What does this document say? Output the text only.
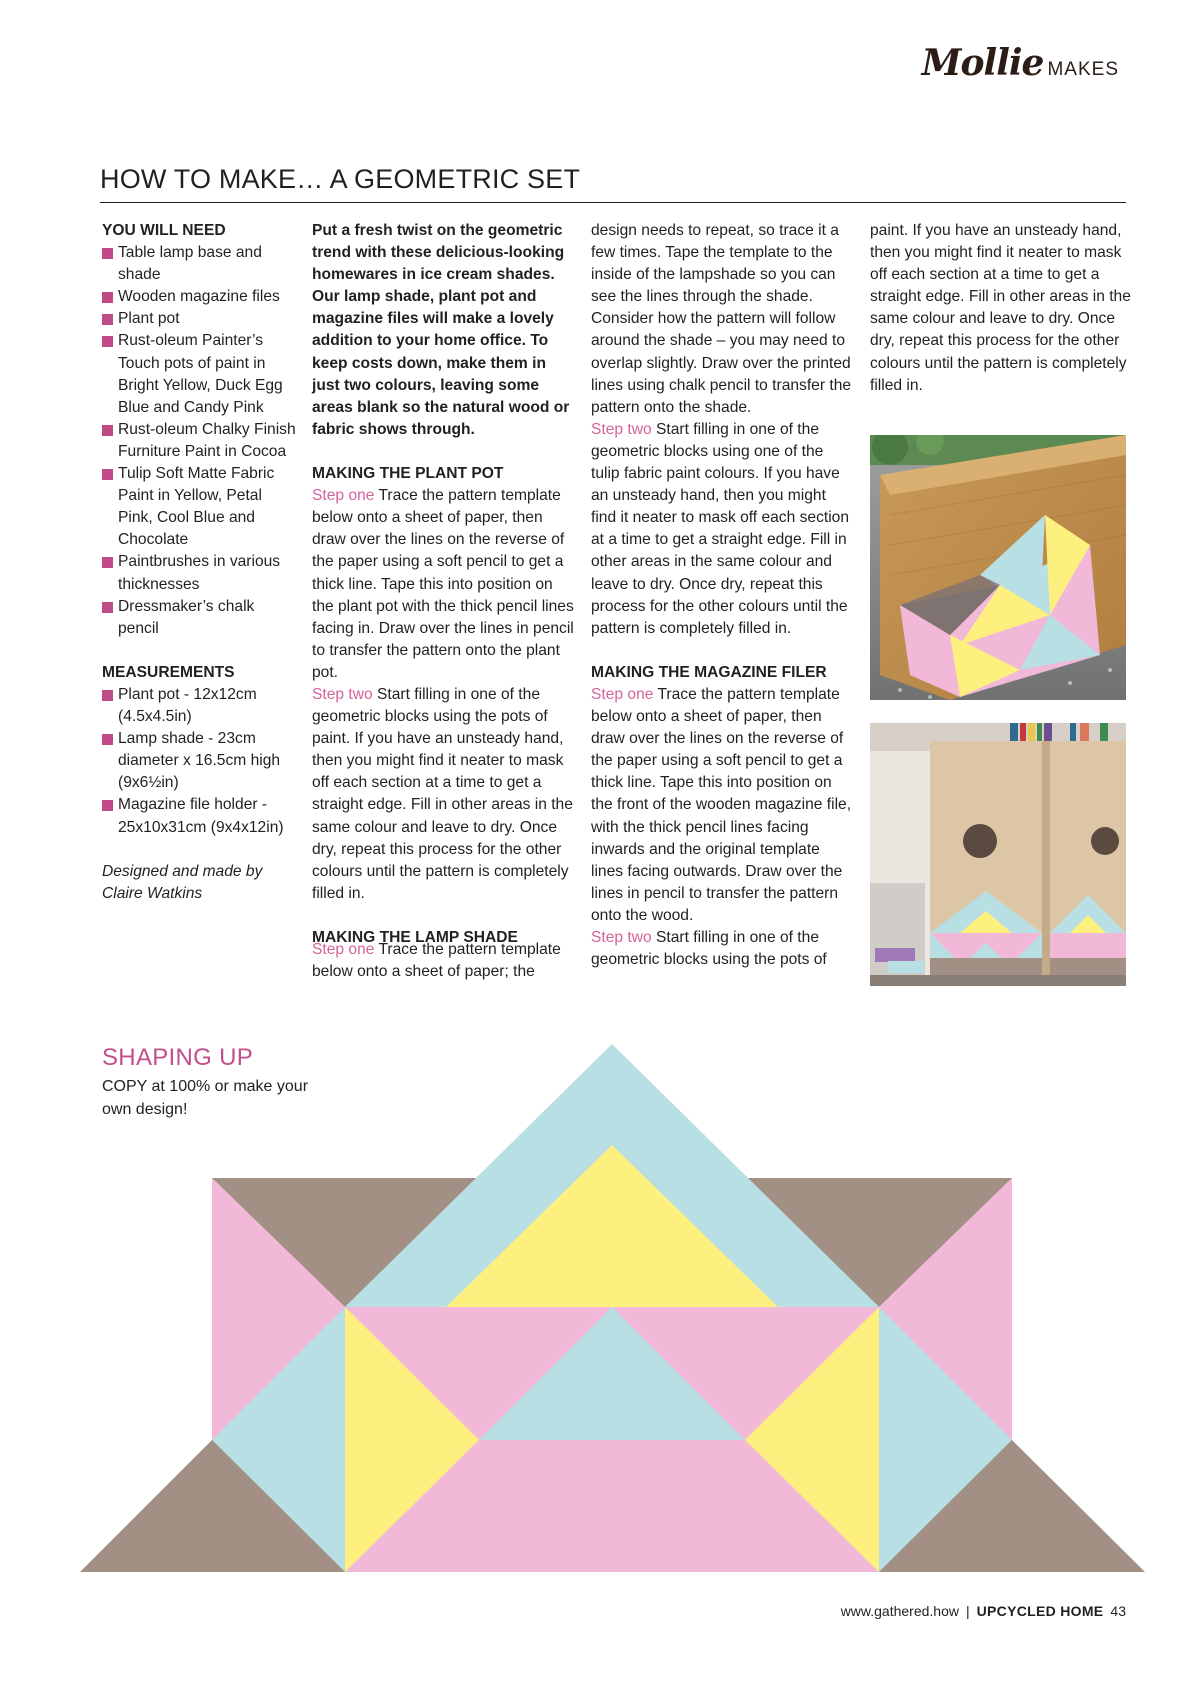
Mollie MAKES
HOW TO MAKE… A GEOMETRIC SET
YOU WILL NEED
Table lamp base and shade
Wooden magazine files
Plant pot
Rust-oleum Painter’s Touch pots of paint in Bright Yellow, Duck Egg Blue and Candy Pink
Rust-oleum Chalky Finish Furniture Paint in Cocoa
Tulip Soft Matte Fabric Paint in Yellow, Petal Pink, Cool Blue and Chocolate
Paintbrushes in various thicknesses
Dressmaker’s chalk pencil
MEASUREMENTS
Plant pot - 12x12cm (4.5x4.5in)
Lamp shade - 23cm diameter x 16.5cm high (9x6½in)
Magazine file holder - 25x10x31cm (9x4x12in)
Designed and made by Claire Watkins

Put a fresh twist on the geometric trend with these delicious-looking homewares in ice cream shades. Our lamp shade, plant pot and magazine files will make a lovely addition to your home office. To keep costs down, make them in just two colours, leaving some areas blank so the natural wood or fabric shows through.

MAKING THE PLANT POT

Step one Trace the pattern template below onto a sheet of paper, then draw over the lines on the reverse of the paper using a soft pencil to get a thick line. Tape this into position on the plant pot with the thick pencil lines facing in. Draw over the lines in pencil to transfer the pattern onto the plant pot.

Step two Start filling in one of the geometric blocks using the pots of paint. If you have an unsteady hand, then you might find it neater to mask off each section at a time to get a straight edge. Fill in other areas in the same colour and leave to dry. Once dry, repeat this process for the other colours until the pattern is completely filled in.

MAKING THE LAMP SHADE

Step one Trace the pattern template below onto a sheet of paper; the

design needs to repeat, so trace it a few times. Tape the template to the inside of the lampshade so you can see the lines through the shade. Consider how the pattern will follow around the shade – you may need to overlap slightly. Draw over the printed lines using chalk pencil to transfer the pattern onto the shade.

Step two Start filling in one of the geometric blocks using one of the tulip fabric paint colours. If you have an unsteady hand, then you might find it neater to mask off each section at a time to get a straight edge. Fill in other areas in the same colour and leave to dry. Once dry, repeat this process for the other colours until the pattern is completely filled in.

MAKING THE MAGAZINE FILER

Step one Trace the pattern template below onto a sheet of paper, then draw over the lines on the reverse of the paper using a soft pencil to get a thick line. Tape this into position on the front of the wooden magazine file, with the thick pencil lines facing inwards and the original template lines facing outwards. Draw over the lines in pencil to transfer the pattern onto the wood.

Step two Start filling in one of the geometric blocks using the pots of

paint. If you have an unsteady hand, then you might find it neater to mask off each section at a time to get a straight edge. Fill in other areas in the same colour and leave to dry. Once dry, repeat this process for the other colours until the pattern is completely filled in.

SHAPING UP
COPY at 100% or make your own design!
www.gathered.how | UPCYCLED HOME 43
